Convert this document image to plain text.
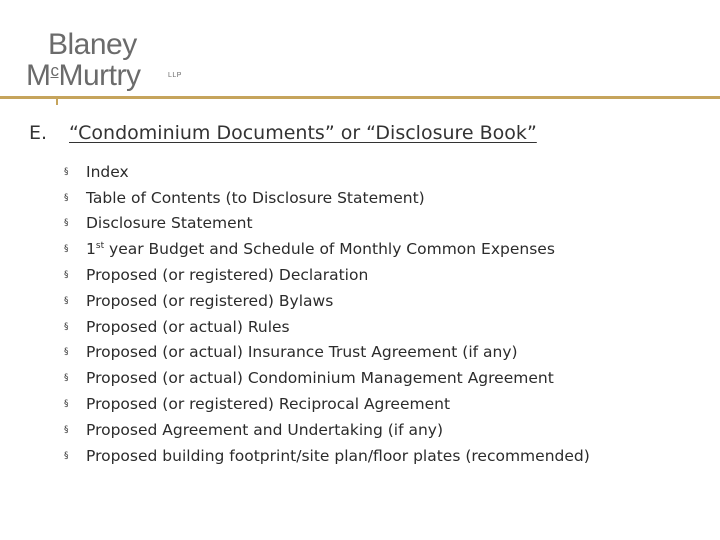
Blaney
$M^cMurtry$	LLP
E. “Condominium Documents” or “Disclosure Book”
§	Index
§	Table of Contents (to Disclosure Statement)
§	Disclosure Statement
§	1st year Budget and Schedule of Monthly Common Expenses
§	Proposed (or registered) Declaration
§	Proposed (or registered) Bylaws
§	Proposed (or actual) Rules
§	Proposed (or actual) Insurance Trust Agreement (if any)
§	Proposed (or actual) Condominium Management Agreement
§	Proposed (or registered) Reciprocal Agreement
§	Proposed Agreement and Undertaking (if any)
§	Proposed building footprint/site plan/floor plates (recommended)
